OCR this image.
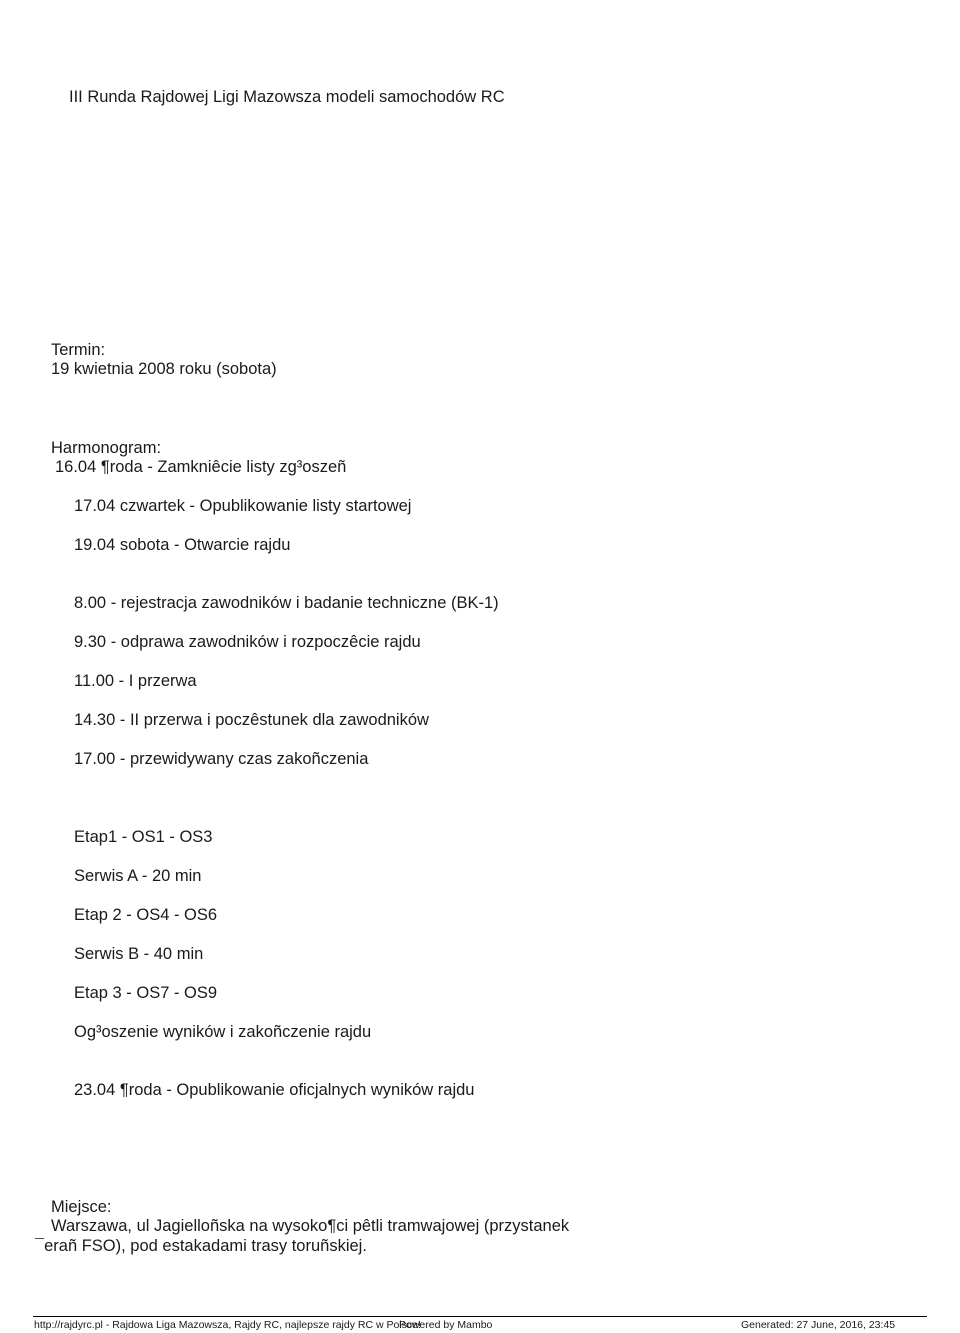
III Runda Rajdowej Ligi Mazowsza modeli samochodów RC
Termin:
19 kwietnia 2008 roku (sobota)
Harmonogram:
16.04 ¶roda - Zamkniêcie listy zg³oszeñ
17.04 czwartek - Opublikowanie listy startowej
19.04 sobota - Otwarcie rajdu
8.00 - rejestracja zawodników i badanie techniczne (BK-1)
9.30 - odprawa zawodników i rozpoczêcie rajdu
11.00 - I przerwa
14.30 - II przerwa i poczêstunek dla zawodników
17.00 - przewidywany czas zakoñczenia
Etap1 - OS1 - OS3
Serwis A - 20 min
Etap 2 - OS4 - OS6
Serwis B - 40 min
Etap 3 - OS7 - OS9
Og³oszenie wyników i zakoñczenie rajdu
23.04 ¶roda - Opublikowanie oficjalnych wyników rajdu
Miejsce:
Warszawa, ul Jagielloñska na wysoko¶ci pêtli tramwajowej (przystanek
¯erañ FSO), pod estakadami trasy toruñskiej.
http://rajdyrc.pl - Rajdowa Liga Mazowsza, Rajdy RC, najlepsze rajdy RC w Polsce!
Powered by Mambo	Generated: 27 June, 2016, 23:45
